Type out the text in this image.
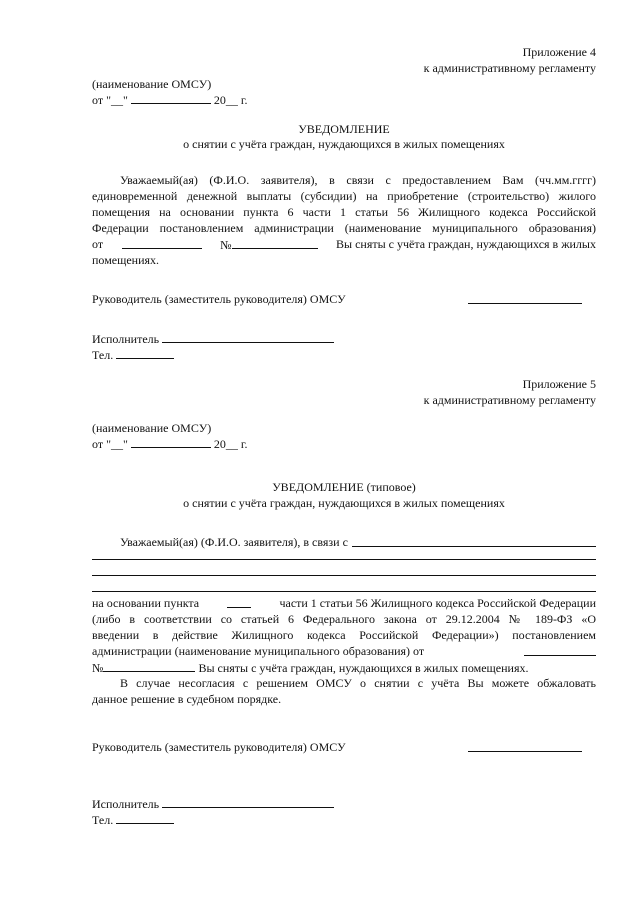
Приложение 4
к административному регламенту
(наименование ОМСУ)
от "__"	20__ г.
УВЕДОМЛЕНИЕ
о снятии с учёта граждан, нуждающихся в жилых помещениях
Уважаемый(ая) (Ф.И.О. заявителя), в связи с предоставлением Вам (чч.мм.гггг)
единовременной денежной выплаты (субсидии) на приобретение (строительство) жилого
помещения на основании пункта 6 части 1 статьи 56 Жилищного кодекса Российской
Федерации постановлением администрации (наименование муниципального образования)
от	№	Вы сняты с учёта граждан, нуждающихся в жилых
помещениях.
Руководитель (заместитель руководителя) ОМСУ
Исполнитель
Тел.
Приложение 5
к административному регламенту
(наименование ОМСУ)
от "__"	20__ г.
УВЕДОМЛЕНИЕ (типовое)
о снятии с учёта граждан, нуждающихся в жилых помещениях
Уважаемый(ая) (Ф.И.О. заявителя), в связи с
на основании пункта	части 1 статьи 56 Жилищного кодекса Российской Федерации
(либо в соответствии со статьей 6 Федерального закона от 29.12.2004 № 189-ФЗ «О
введении в действие Жилищного кодекса Российской Федерации») постановлением
администрации (наименование муниципального образования) от
№	Вы сняты с учёта граждан, нуждающихся в жилых помещениях.
В случае несогласия с решением ОМСУ о снятии с учёта Вы можете обжаловать
данное решение в судебном порядке.
Руководитель (заместитель руководителя) ОМСУ
Исполнитель
Тел.
